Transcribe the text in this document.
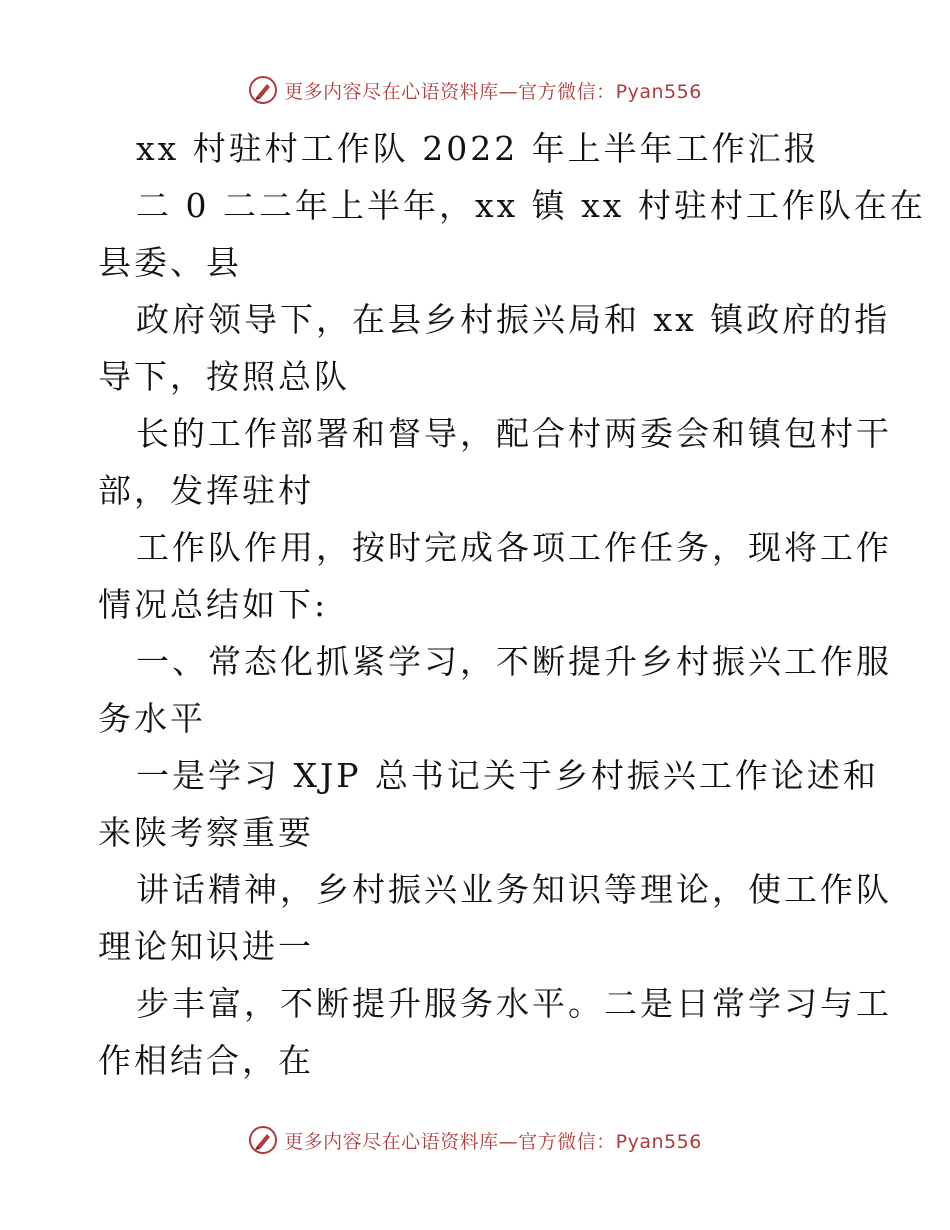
更多内容尽在心语资料库—官方微信：Pyan556
xx 村驻村工作队 2022 年上半年工作汇报
二 0 二二年上半年，xx 镇 xx 村驻村工作队在在
县委、县
政府领导下，在县乡村振兴局和 xx 镇政府的指
导下，按照总队
长的工作部署和督导，配合村两委会和镇包村干
部，发挥驻村
工作队作用，按时完成各项工作任务，现将工作
情况总结如下:
一、常态化抓紧学习，不断提升乡村振兴工作服
务水平
一是学习 XJP 总书记关于乡村振兴工作论述和
来陕考察重要
讲话精神，乡村振兴业务知识等理论，使工作队
理论知识进一
步丰富，不断提升服务水平。二是日常学习与工
作相结合，在
更多内容尽在心语资料库—官方微信：Pyan556
